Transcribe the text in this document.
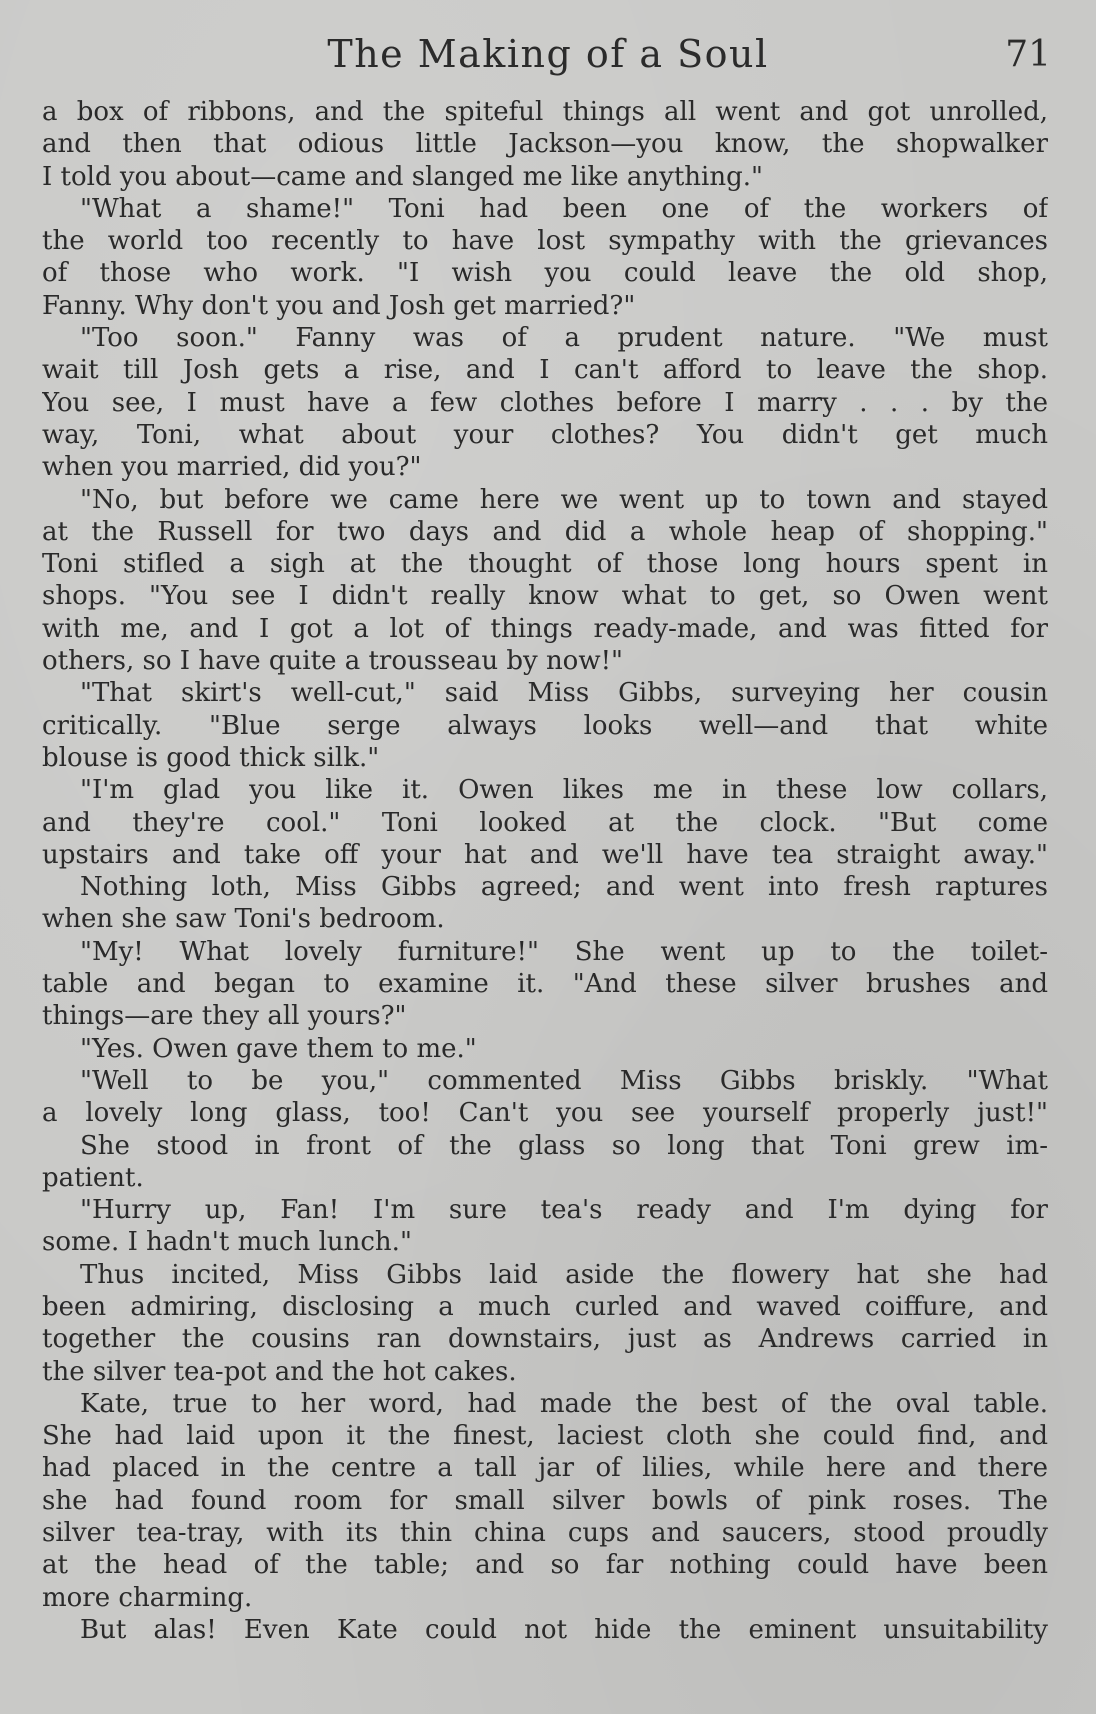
The Making of a Soul	71
a box of ribbons, and the spiteful things all went and got unrolled,
and then that odious little Jackson—you know, the shopwalker
I told you about—came and slanged me like anything."
"What a shame!" Toni had been one of the workers of
the world too recently to have lost sympathy with the grievances
of those who work. "I wish you could leave the old shop,
Fanny. Why don't you and Josh get married?"
"Too soon." Fanny was of a prudent nature. "We must
wait till Josh gets a rise, and I can't afford to leave the shop.
You see, I must have a few clothes before I marry . . . by the
way, Toni, what about your clothes? You didn't get much
when you married, did you?"
"No, but before we came here we went up to town and stayed
at the Russell for two days and did a whole heap of shopping."
Toni stifled a sigh at the thought of those long hours spent in
shops. "You see I didn't really know what to get, so Owen went
with me, and I got a lot of things ready-made, and was fitted for
others, so I have quite a trousseau by now!"
"That skirt's well-cut," said Miss Gibbs, surveying her cousin
critically. "Blue serge always looks well—and that white
blouse is good thick silk."
"I'm glad you like it. Owen likes me in these low collars,
and they're cool." Toni looked at the clock. "But come
upstairs and take off your hat and we'll have tea straight away."
Nothing loth, Miss Gibbs agreed; and went into fresh raptures
when she saw Toni's bedroom.
"My! What lovely furniture!" She went up to the toilet-
table and began to examine it. "And these silver brushes and
things—are they all yours?"
"Yes. Owen gave them to me."
"Well to be you," commented Miss Gibbs briskly. "What
a lovely long glass, too! Can't you see yourself properly just!"
She stood in front of the glass so long that Toni grew im-
patient.
"Hurry up, Fan! I'm sure tea's ready and I'm dying for
some. I hadn't much lunch."
Thus incited, Miss Gibbs laid aside the flowery hat she had
been admiring, disclosing a much curled and waved coiffure, and
together the cousins ran downstairs, just as Andrews carried in
the silver tea-pot and the hot cakes.
Kate, true to her word, had made the best of the oval table.
She had laid upon it the finest, laciest cloth she could find, and
had placed in the centre a tall jar of lilies, while here and there
she had found room for small silver bowls of pink roses. The
silver tea-tray, with its thin china cups and saucers, stood proudly
at the head of the table; and so far nothing could have been
more charming.
But alas! Even Kate could not hide the eminent unsuitability
